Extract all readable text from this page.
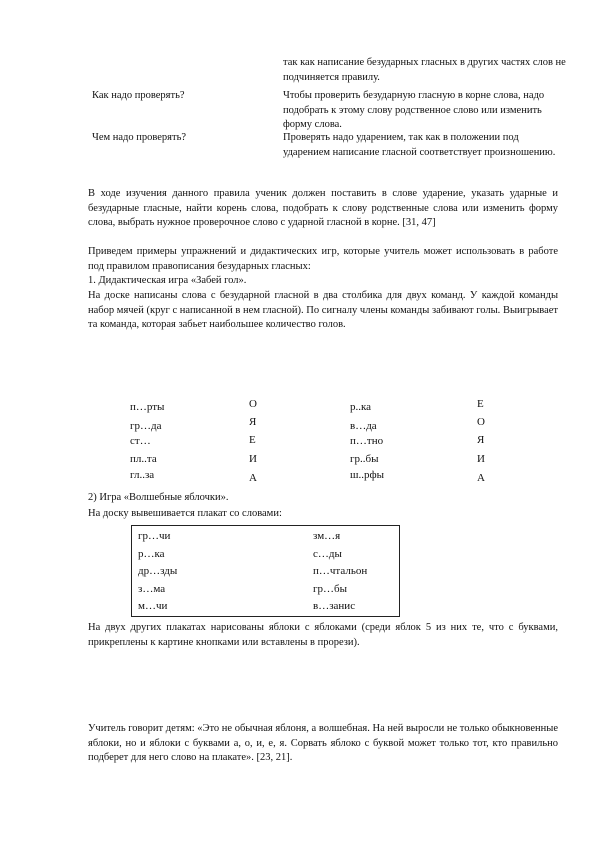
так как написание безударных гласных в других частях слов не подчиняется правилу.
Как надо проверять?	Чтобы проверить безударную гласную в корне слова, надо подобрать к этому слову родственное слово или изменить форму слова.
Чем надо проверять?	Проверять надо ударением, так как в положении под ударением написание гласной соответствует произношению.
В ходе изучения данного правила ученик должен поставить в слове ударение, указать ударные и безударные гласные, найти корень слова, подобрать к слову родственные слова или изменить форму слова, выбрать нужное проверочное слово с ударной гласной в корне. [31, 47]
Приведем примеры упражнений и дидактических игр, которые учитель может использовать в работе под правилом правописания безударных гласных:
1. Дидактическая игра «Забей гол».
На доске написаны слова с безударной гласной в два столбика для двух команд. У каждой команды набор мячей (круг с написанной в нем гласной). По сигналу члены команды забивают голы. Выигрывает та команда, которая забьет наибольшее количество голов.
п…рты
гр…да
ст…
пл..та
гл..за
О
Я
Е
И
А
р..ка
в…да
п…тно
гр..бы
ш..рфы
Е
О
Я
И
А
2) Игра «Волшебные яблочки».
На доску вывешивается плакат со словами:
гр…чи
р…ка
др…зды
з…ма
м…чи
зм…я
с…ды
п…чтальон
гр…бы
в…занис
На двух других плакатах нарисованы яблоки с яблоками (среди яблок 5 из них те, что с буквами, прикреплены к картине кнопками или вставлены в прорези).
Учитель говорит детям: «Это не обычная яблоня, а волшебная. На ней выросли не только обыкновенные яблоки, но и яблоки с буквами а, о, и, е, я. Сорвать яблоко с буквой может только тот, кто правильно подберет для него слово на плакате». [23, 21].
